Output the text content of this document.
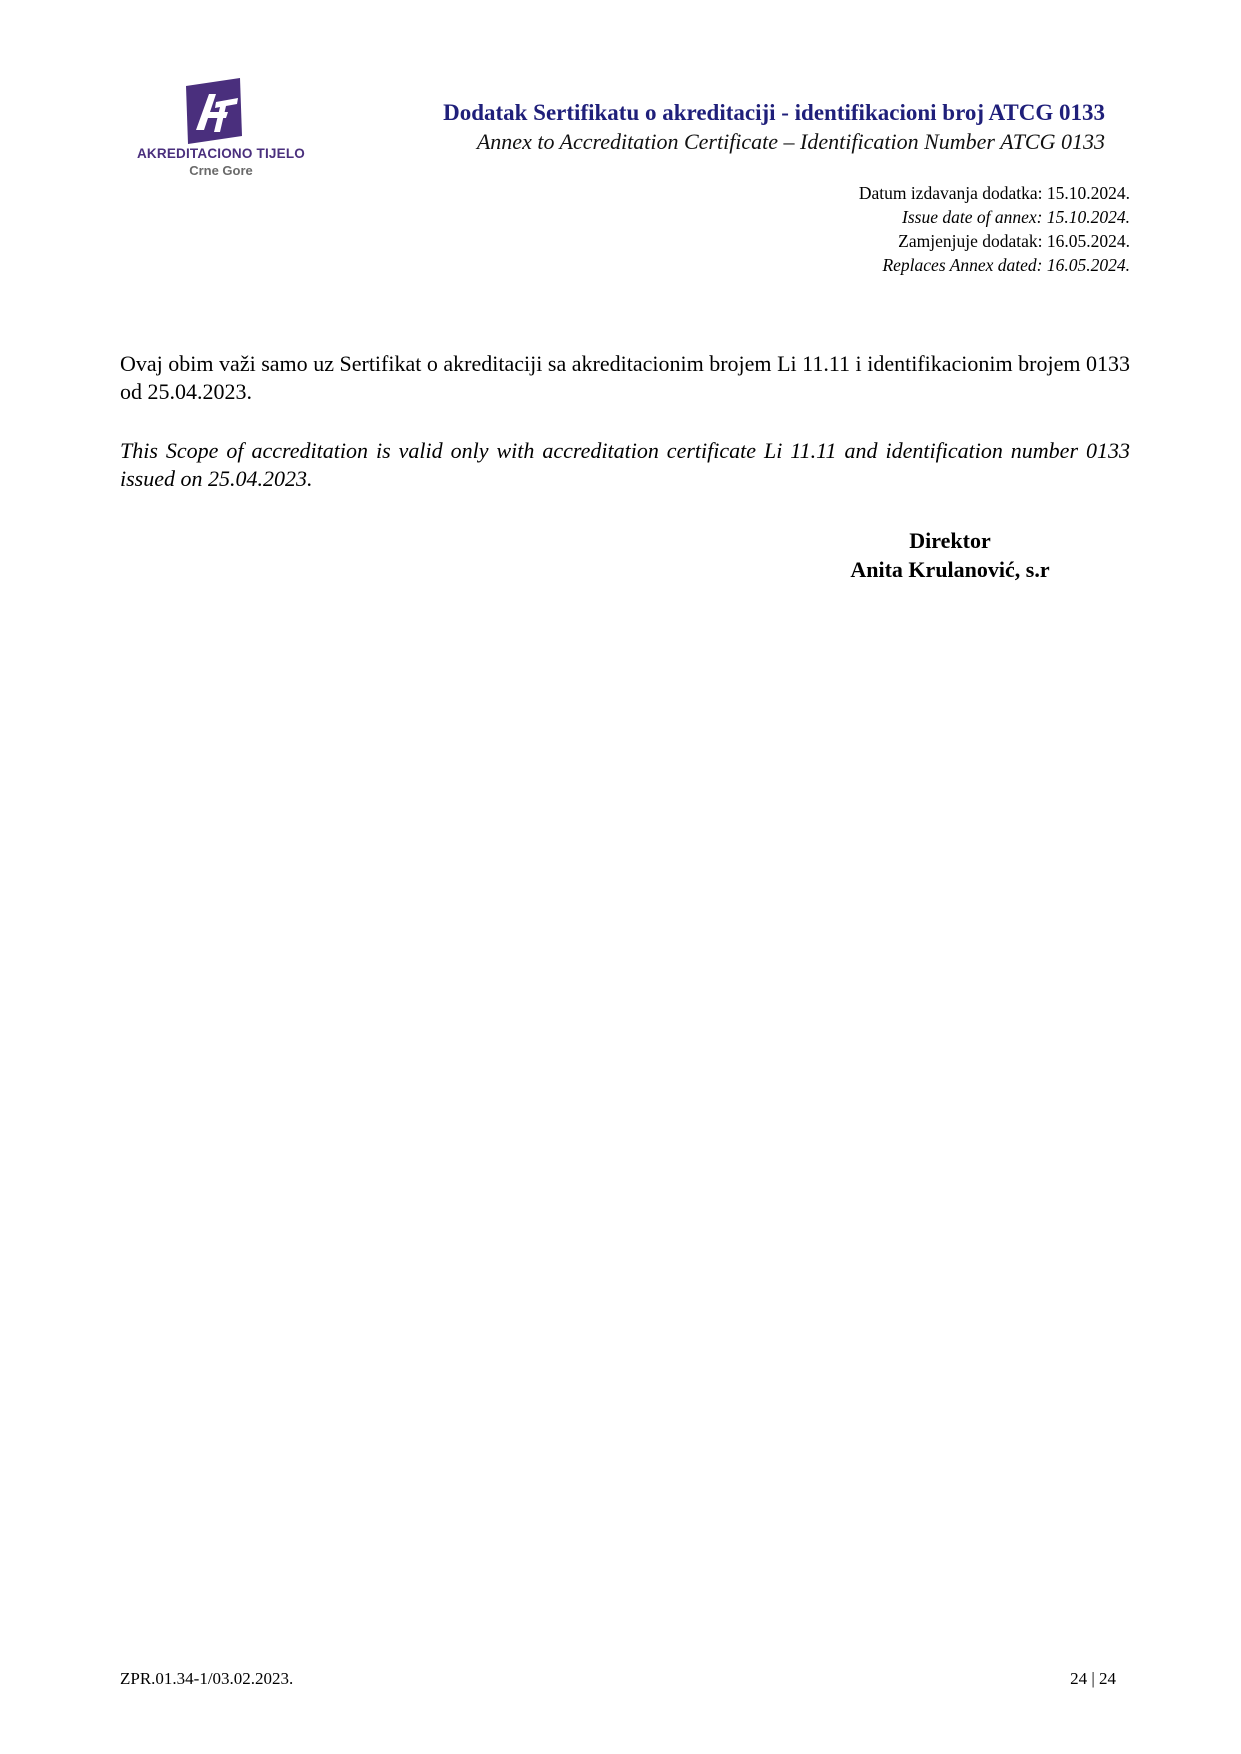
AKREDITACIONO TIJELO
Crne Gore
Dodatak Sertifikatu o akreditaciji - identifikacioni broj ATCG 0133
Annex to Accreditation Certificate – Identification Number ATCG 0133
Datum izdavanja dodatka: 15.10.2024.
Issue date of annex: 15.10.2024.
Zamjenjuje dodatak: 16.05.2024.
Replaces Annex dated: 16.05.2024.
Ovaj obim važi samo uz Sertifikat o akreditaciji sa akreditacionim brojem Li 11.11 i identifikacionim brojem 0133 od 25.04.2023.
This Scope of accreditation is valid only with accreditation certificate Li 11.11 and identification number 0133 issued on 25.04.2023.
Direktor
Anita Krulanović, s.r
ZPR.01.34-1/03.02.2023.	24 | 24
